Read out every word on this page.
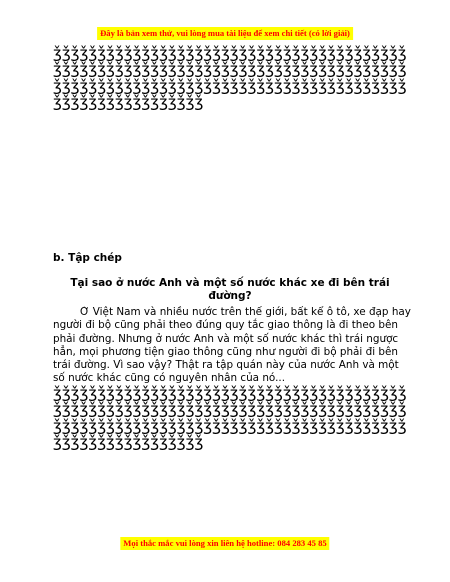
Đây là bản xem thử, vui lòng mua tài liệu để xem chi tiết (có lời giải)
ǯǯǯǯǯǯǯǯǯǯǯǯǯǯǯǯǯǯǯǯǯǯǯǯǯǯǯǯǯǯǯǯǯǯǯǯǯǯǯǯǯǯǯǯǯǯǯǯǯǯǯǯǯǯǯǯǯǯǯǯǯǯǯǯǯǯǯǯǯǯǯǯǯǯǯǯǯǯǯǯǯǯǯǯǯǯǯǯǯǯǯǯǯǯǯǯǯǯǯǯǯǯǯǯǯǯǯǯǯǯǯǯǯǯǯǯǯǯǯǯǯǯǯǯǯǯǯǯǯǯǯǯǯǯǯǯǯ

b. Tập chép

Tại sao ở nước Anh và một số nước khác xe đi bên trái đường?

Ở Việt Nam và nhiều nước trên thế giới, bất kể ô tô, xe đạp hay người đi bộ cũng phải theo đúng quy tắc giao thông là đi theo bên phải đường. Nhưng ở nước Anh và một số nước khác thì trái ngược hẳn, mọi phương tiện giao thông cũng như người đi bộ phải đi bên trái đường. Vì sao vậy? Thật ra tập quán này của nước Anh và một số nước khác cũng có nguyên nhân của nó...

ǯǯǯǯǯǯǯǯǯǯǯǯǯǯǯǯǯǯǯǯǯǯǯǯǯǯǯǯǯǯǯǯǯǯǯǯǯǯǯǯǯǯǯǯǯǯǯǯǯǯǯǯǯǯǯǯǯǯǯǯǯǯǯǯǯǯǯǯǯǯǯǯǯǯǯǯǯǯǯǯǯǯǯǯǯǯǯǯǯǯǯǯǯǯǯǯǯǯǯǯǯǯǯǯǯǯǯǯǯǯǯǯǯǯǯǯǯǯǯǯǯǯǯǯǯǯǯǯǯǯǯǯǯǯǯǯǯ
Mọi thắc mắc vui lòng xin liên hệ hotline: 084 283 45 85
